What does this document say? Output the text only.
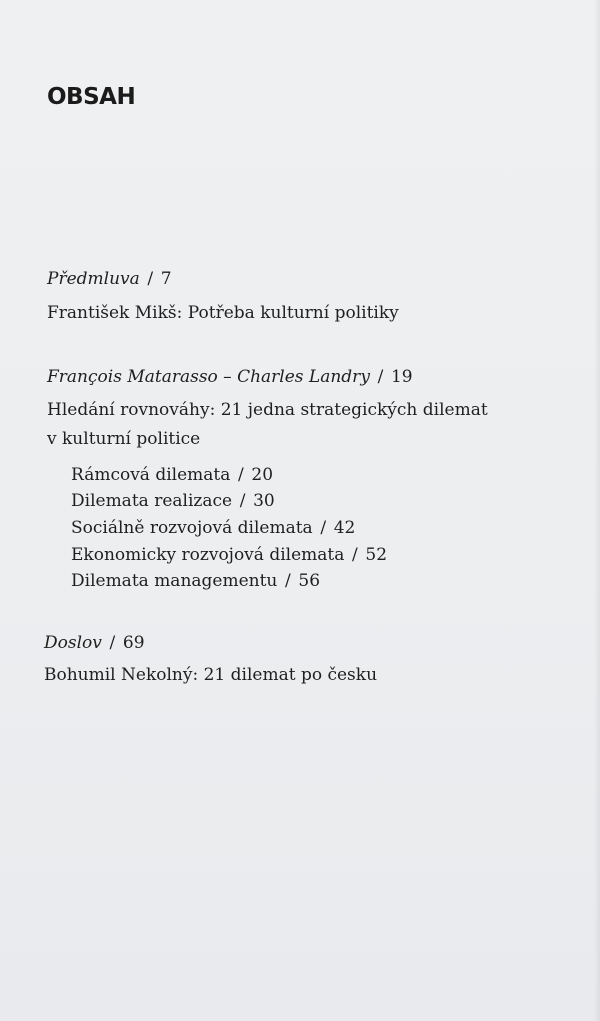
OBSAH
Předmluva / 7
František Mikš: Potřeba kulturní politiky
François Matarasso – Charles Landry / 19
Hledání rovnováhy: 21 jedna strategických dilemat
v kulturní politice
Rámcová dilemata / 20
Dilemata realizace / 30
Sociálně rozvojová dilemata / 42
Ekonomicky rozvojová dilemata / 52
Dilemata managementu / 56
Doslov / 69
Bohumil Nekolný: 21 dilemat po česku
